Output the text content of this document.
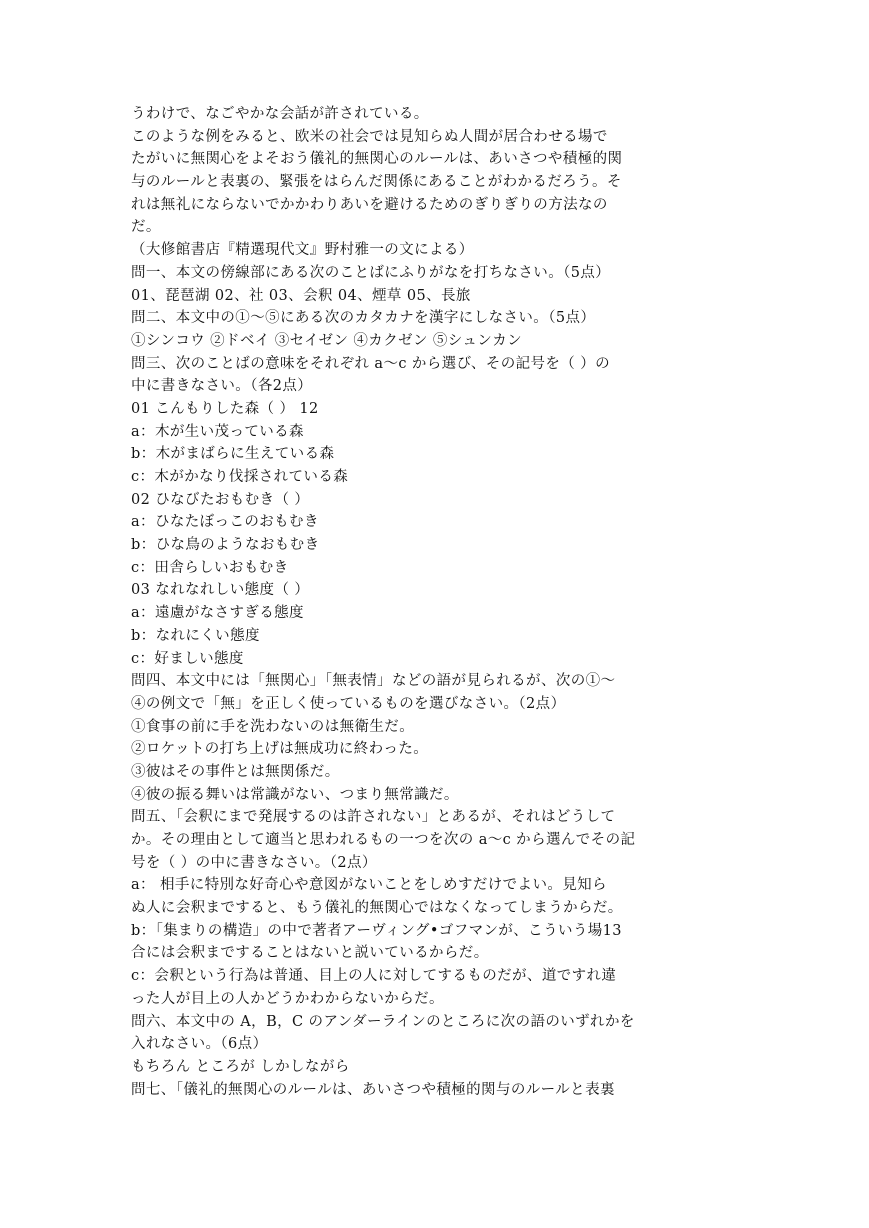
うわけで、なごやかな会話が許されている。
このような例をみると、欧米の社会では見知らぬ人間が居合わせる場で
たがいに無関心をよそおう儀礼的無関心のルールは、あいさつや積極的関
与のルールと表裏の、緊張をはらんだ関係にあることがわかるだろう。そ
れは無礼にならないでかかわりあいを避けるためのぎりぎりの方法なの
だ。
（大修館書店『精選現代文』野村雅一の文による）
問一、本文の傍線部にある次のことばにふりがなを打ちなさい。（5点）
01、琵琶湖 02、社 03、会釈 04、煙草 05、長旅
問二、本文中の①～⑤にある次のカタカナを漢字にしなさい。（5点）
①シンコウ ②ドベイ ③セイゼン ④カクゼン ⑤シュンカン
問三、次のことばの意味をそれぞれ a～c から選び、その記号を（ ）の
中に書きなさい。（各2点）
01 こんもりした森（ ） 12
a：木が生い茂っている森
b：木がまばらに生えている森
c：木がかなり伐採されている森
02 ひなびたおもむき（ ）
a：ひなたぼっこのおもむき
b：ひな鳥のようなおもむき
c：田舎らしいおもむき
03 なれなれしい態度（ ）
a：遠慮がなさすぎる態度
b：なれにくい態度
c：好ましい態度
問四、本文中には「無関心」「無表情」などの語が見られるが、次の①～
④の例文で「無」を正しく使っているものを選びなさい。（2点）
①食事の前に手を洗わないのは無衛生だ。
②ロケットの打ち上げは無成功に終わった。
③彼はその事件とは無関係だ。
④彼の振る舞いは常識がない、つまり無常識だ。
問五、「会釈にまで発展するのは許されない」とあるが、それはどうして
か。その理由として適当と思われるもの一つを次の a～c から選んでその記
号を（ ）の中に書きなさい。（2点）
a： 相手に特別な好奇心や意図がないことをしめすだけでよい。見知ら
ぬ人に会釈まですると、もう儀礼的無関心ではなくなってしまうからだ。
b：「集まりの構造」の中で著者アーヴィング•ゴフマンが、こういう場13
合には会釈まですることはないと説いているからだ。
c：会釈という行為は普通、目上の人に対してするものだが、道ですれ違
った人が目上の人かどうかわからないからだ。
問六、本文中の A，B，C のアンダーラインのところに次の語のいずれかを
入れなさい。（6点）
もちろん ところが しかしながら
問七、「儀礼的無関心のルールは、あいさつや積極的関与のルールと表裏
